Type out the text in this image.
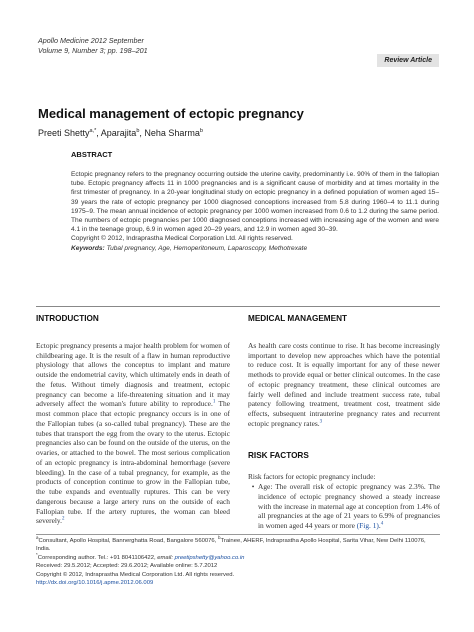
Apollo Medicine 2012 September
Volume 9, Number 3; pp. 198–201
Review Article
Medical management of ectopic pregnancy
Preeti Shetty$^{a,*}$, Aparajita$^b$, Neha Sharma$^b$
ABSTRACT

Ectopic pregnancy refers to the pregnancy occurring outside the uterine cavity, predominantly i.e. 90% of them in the fallopian tube. Ectopic pregnancy affects 11 in 1000 pregnancies and is a significant cause of morbidity and at times mortality in the first trimester of pregnancy. In a 20-year longitudinal study on ectopic pregnancy in a defined population of women aged 15–39 years the rate of ectopic pregnancy per 1000 diagnosed conceptions increased from 5.8 during 1960–4 to 11.1 during 1975–9. The mean annual incidence of ectopic pregnancy per 1000 women increased from 0.6 to 1.2 during the same period. The numbers of ectopic pregnancies per 1000 diagnosed conceptions increased with increasing age of the women and were 4.1 in the teenage group, 6.9 in women aged 20–29 years, and 12.9 in women aged 30–39.

Copyright © 2012, Indraprastha Medical Corporation Ltd. All rights reserved.

Keywords: Tubal pregnancy, Age, Hemoperitoneum, Laparoscopy, Methotrexate

INTRODUCTION

Ectopic pregnancy presents a major health problem for women of childbearing age. It is the result of a flaw in human reproductive physiology that allows the conceptus to implant and mature outside the endometrial cavity, which ultimately ends in death of the fetus. Without timely diagnosis and treatment, ectopic pregnancy can become a life-threatening situation and it may adversely affect the woman's future ability to reproduce.$^1$ The most common place that ectopic pregnancy occurs is in one of the Fallopian tubes (a so-called tubal pregnancy). These are the tubes that transport the egg from the ovary to the uterus. Ectopic pregnancies also can be found on the outside of the uterus, on the ovaries, or attached to the bowel. The most serious complication of an ectopic pregnancy is intra-abdominal hemorrhage (severe bleeding). In the case of a tubal pregnancy, for example, as the products of conception continue to grow in the Fallopian tube, the tube expands and eventually ruptures. This can be very dangerous because a large artery runs on the outside of each Fallopian tube. If the artery ruptures, the woman can bleed severely.$^2$

MEDICAL MANAGEMENT

As health care costs continue to rise. It has become increasingly important to develop new approaches which have the potential to reduce cost. It is equally important for any of these newer methods to provide equal or better clinical outcomes. In the case of ectopic pregnancy treatment, these clinical outcomes are fairly well defined and include treatment success rate, tubal patency following treatment, treatment cost, treatment side effects, subsequent intrauterine pregnancy rates and recurrent ectopic pregnancy rates.$^3$

RISK FACTORS

Risk factors for ectopic pregnancy include:

• Age: The overall risk of ectopic pregnancy was 2.3%. The incidence of ectopic pregnancy showed a steady increase with the increase in maternal age at conception from 1.4% of all pregnancies at the age of 21 years to 6.9% of pregnancies in women aged 44 years or more (Fig. 1).$^4$

$^a$Consultant, Apollo Hospital, Bannerghatta Road, Bangalore 560076, $^b$Trainee, AHERF, Indraprastha Apollo Hospital, Sarita Vihar, New Delhi 110076, India.

*Corresponding author. Tel.: +91 8041106422, email: preetipshetty@yahoo.co.in

Received: 29.5.2012; Accepted: 29.6.2012; Available online: 5.7.2012

Copyright © 2012, Indraprastha Medical Corporation Ltd. All rights reserved.

http://dx.doi.org/10.1016/j.apme.2012.06.009
